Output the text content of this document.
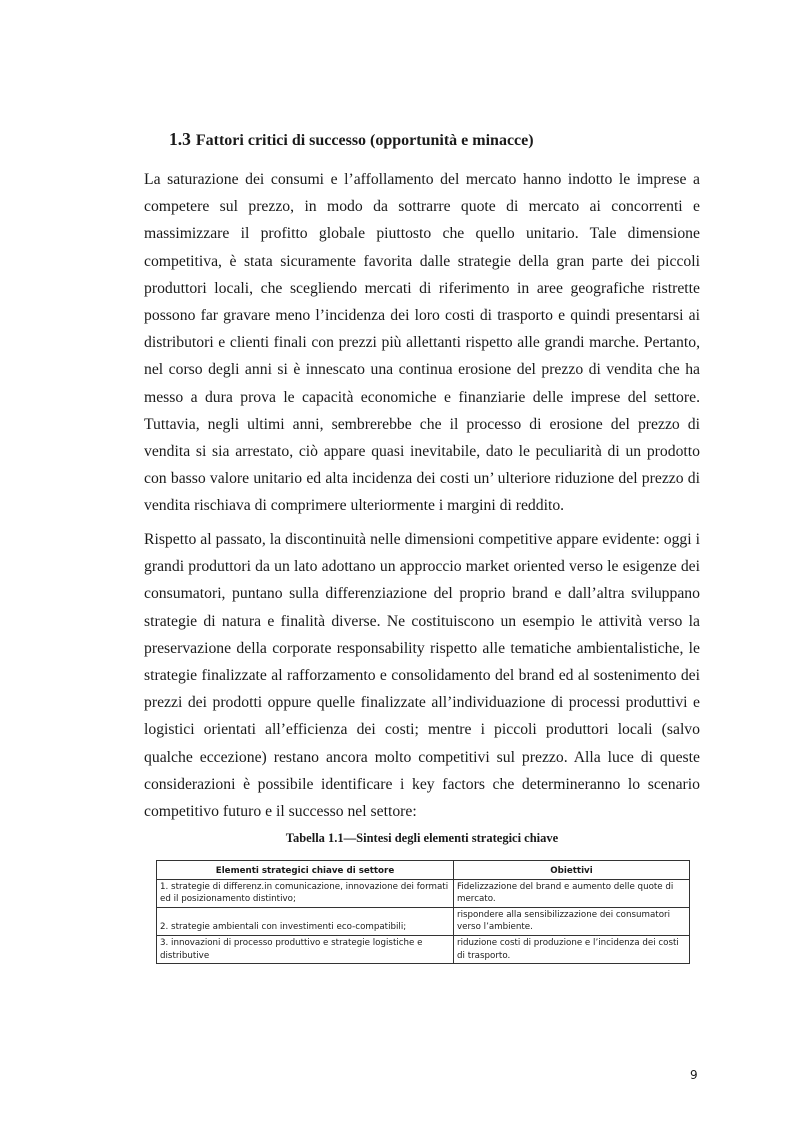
1.3 Fattori critici di successo (opportunità e minacce)

La saturazione dei consumi e l’affollamento del mercato hanno indotto le imprese a competere sul prezzo, in modo da sottrarre quote di mercato ai concorrenti e massimizzare il profitto globale piuttosto che quello unitario. Tale dimensione competitiva, è stata sicuramente favorita dalle strategie della gran parte dei piccoli produttori locali, che scegliendo mercati di riferimento in aree geografiche ristrette possono far gravare meno l’incidenza dei loro costi di trasporto e quindi presentarsi ai distributori e clienti finali con prezzi più allettanti rispetto alle grandi marche. Pertanto, nel corso degli anni si è innescato una continua erosione del prezzo di vendita che ha messo a dura prova le capacità economiche e finanziarie delle imprese del settore. Tuttavia, negli ultimi anni, sembrerebbe che il processo di erosione del prezzo di vendita si sia arrestato, ciò appare quasi inevitabile, dato le peculiarità di un prodotto con basso valore unitario ed alta incidenza dei costi un’ ulteriore riduzione del prezzo di vendita rischiava di comprimere ulteriormente i margini di reddito.

Rispetto al passato, la discontinuità nelle dimensioni competitive appare evidente: oggi i grandi produttori da un lato adottano un approccio market oriented verso le esigenze dei consumatori, puntano sulla differenziazione del proprio brand e dall’altra sviluppano strategie di natura e finalità diverse. Ne costituiscono un esempio le attività verso la preservazione della corporate responsability rispetto alle tematiche ambientalistiche, le strategie finalizzate al rafforzamento e consolidamento del brand ed al sostenimento dei prezzi dei prodotti oppure quelle finalizzate all’individuazione di processi produttivi e logistici orientati all’efficienza dei costi; mentre i piccoli produttori locali (salvo qualche eccezione) restano ancora molto competitivi sul prezzo. Alla luce di queste considerazioni è possibile identificare i key factors che determineranno lo scenario competitivo futuro e il successo nel settore:

Tabella 1.1—Sintesi degli elementi strategici chiave
Elementi strategici chiave di settore	Obiettivi
1. strategie di differenz.in comunicazione, innovazione dei formati ed il posizionamento distintivo;	Fidelizzazione del brand e aumento delle quote di mercato.
2. strategie ambientali con investimenti eco-compatibili;	rispondere alla sensibilizzazione dei consumatori verso l’ambiente.
3. innovazioni di processo produttivo e strategie logistiche e distributive	riduzione costi di produzione e l’incidenza dei costi di trasporto.
9
